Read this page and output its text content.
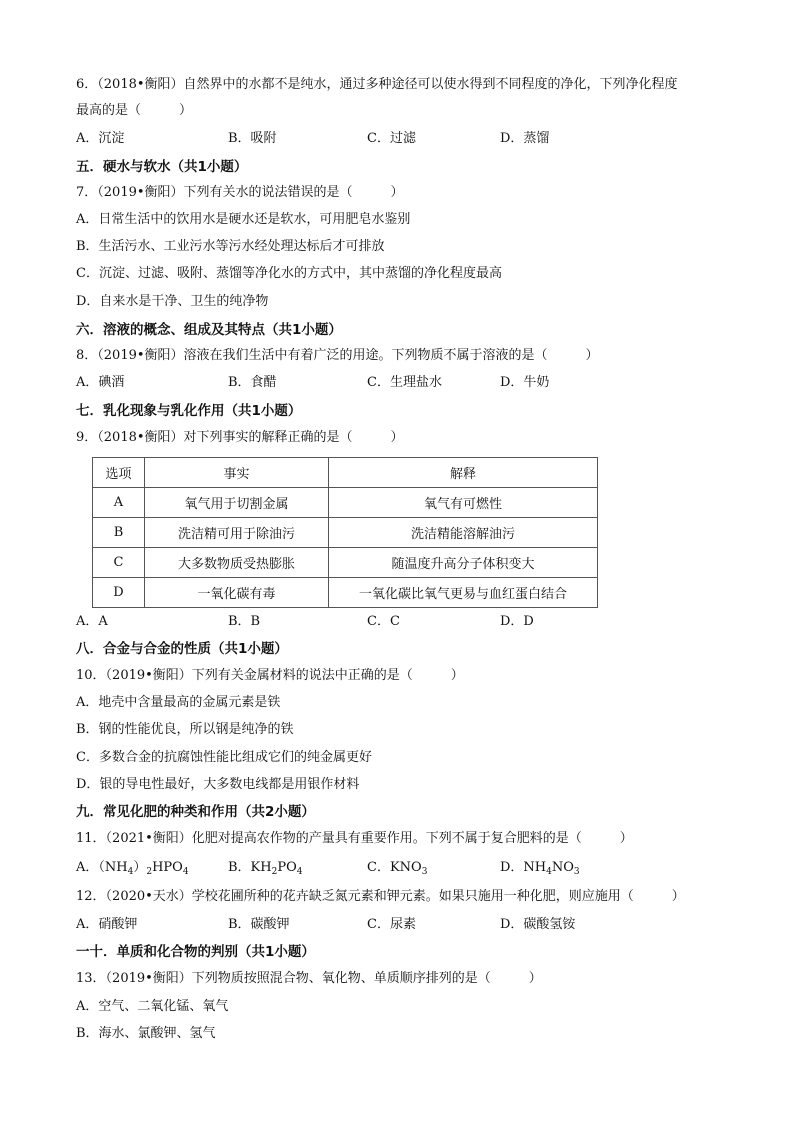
6．（2018•衡阳）自然界中的水都不是纯水，通过多种途径可以使水得到不同程度的净化，下列净化程度
最高的是（	）
A．沉淀	B．吸附	C．过滤	D．蒸馏
五．硬水与软水（共1小题）
7．（2019•衡阳）下列有关水的说法错误的是（	）
A．日常生活中的饮用水是硬水还是软水，可用肥皂水鉴别
B．生活污水、工业污水等污水经处理达标后才可排放
C．沉淀、过滤、吸附、蒸馏等净化水的方式中，其中蒸馏的净化程度最高
D．自来水是干净、卫生的纯净物
六．溶液的概念、组成及其特点（共1小题）
8．（2019•衡阳）溶液在我们生活中有着广泛的用途。下列物质不属于溶液的是（	）
A．碘酒	B．食醋	C．生理盐水	D．牛奶
七．乳化现象与乳化作用（共1小题）
9．（2018•衡阳）对下列事实的解释正确的是（	）
选项	事实	解释
A	氧气用于切割金属	氧气有可燃性
B	洗洁精可用于除油污	洗洁精能溶解油污
C	大多数物质受热膨胀	随温度升高分子体积变大
D	一氧化碳有毒	一氧化碳比氧气更易与血红蛋白结合
A．A	B．B	C．C	D．D
八．合金与合金的性质（共1小题）
10．（2019•衡阳）下列有关金属材料的说法中正确的是（	）
A．地壳中含量最高的金属元素是铁
B．钢的性能优良，所以钢是纯净的铁
C．多数合金的抗腐蚀性能比组成它们的纯金属更好
D．银的导电性最好，大多数电线都是用银作材料
九．常见化肥的种类和作用（共2小题）
11．（2021•衡阳）化肥对提高农作物的产量具有重要作用。下列不属于复合肥料的是（	）
A．$(NH_4)_2HPO_4$	B．$KH_2PO_4$	C．$KNO_3$	D．$NH_4NO_3$
12．（2020•天水）学校花圃所种的花卉缺乏氮元素和钾元素。如果只施用一种化肥，则应施用（	）
A．硝酸钾	B．碳酸钾	C．尿素	D．碳酸氢铵
一十．单质和化合物的判别（共1小题）
13．（2019•衡阳）下列物质按照混合物、氧化物、单质顺序排列的是（	）
A．空气、二氧化锰、氧气
B．海水、氯酸钾、氢气
